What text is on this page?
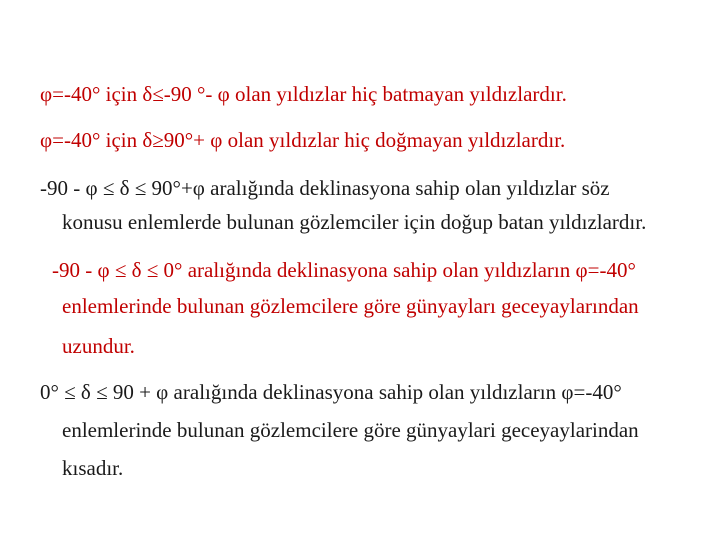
φ=-40° için δ≤-90 °- φ olan yıldızlar hiç batmayan yıldızlardır.
φ=-40° için δ≥90°+ φ olan yıldızlar hiç doğmayan yıldızlardır.
-90 - φ ≤ δ ≤ 90°+φ aralığında deklinasyona sahip olan yıldızlar söz
konusu enlemlerde bulunan gözlemciler için doğup batan yıldızlardır.
-90 - φ ≤ δ ≤ 0° aralığında deklinasyona sahip olan yıldızların φ=-40°
enlemlerinde bulunan gözlemcilere göre günyayları geceyaylarından
uzundur.
0° ≤ δ ≤ 90 + φ aralığında deklinasyona sahip olan yıldızların φ=-40°
enlemlerinde bulunan gözlemcilere göre günyaylari geceyaylarindan
kısadır.
